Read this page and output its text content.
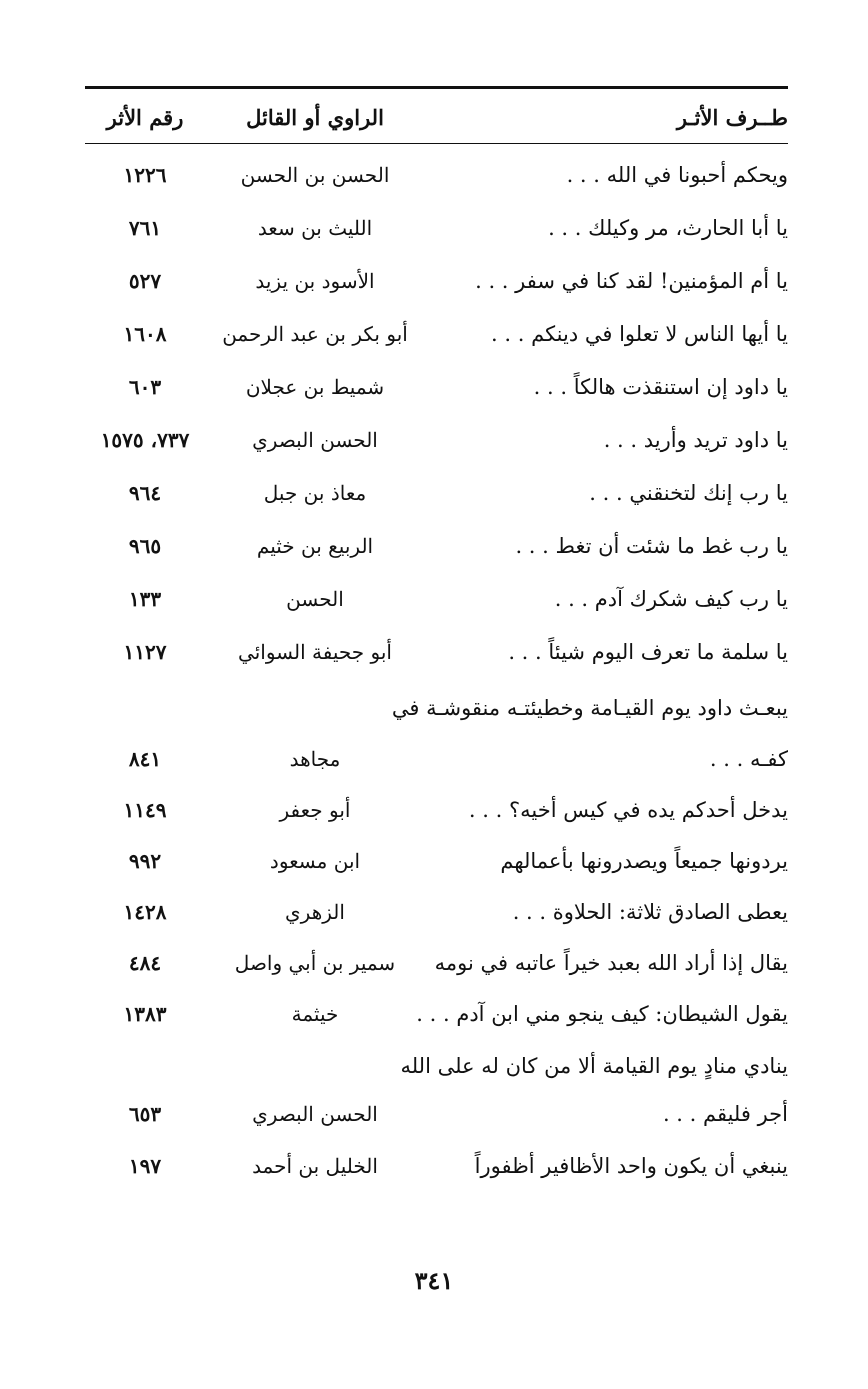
طــرف الأثـر
الراوي أو القائل
رقم الأثر
ويحكم أحبونا في الله . . .
الحسن بن الحسن
١٢٢٦
يا أبا الحارث، مر وكيلك . . .
الليث بن سعد
٧٦١
يا أم المؤمنين! لقد كنا في سفر . . .
الأسود بن يزيد
٥٢٧
يا أيها الناس لا تعلوا في دينكم . . .
أبو بكر بن عبد الرحمن
١٦٠٨
يا داود إن استنقذت هالكاً . . .
شميط بن عجلان
٦٠٣
يا داود تريد وأريد . . .
الحسن البصري
٧٣٧، ١٥٧٥
يا رب إنك لتخنقني . . .
معاذ بن جبل
٩٦٤
يا رب غط ما شئت أن تغط . . .
الربيع بن خثيم
٩٦٥
يا رب كيف شكرك آدم . . .
الحسن
١٣٣
يا سلمة ما تعرف اليوم شيئاً . . .
أبو جحيفة السوائي
١١٢٧
يبعـث داود يوم القيـامة وخطيئتـه منقوشـة في
كفـه . . .
مجاهد
٨٤١
يدخل أحدكم يده في كيس أخيه؟ . . .
أبو جعفر
١١٤٩
يردونها جميعاً ويصدرونها بأعمالهم
ابن مسعود
٩٩٢
يعطى الصادق ثلاثة: الحلاوة . . .
الزهري
١٤٢٨
يقال إذا أراد الله بعبد خيراً عاتبه في نومه
سمير بن أبي واصل
٤٨٤
يقول الشيطان: كيف ينجو مني ابن آدم . . .
خيثمة
١٣٨٣
ينادي منادٍ يوم القيامة ألا من كان له على الله
أجر فليقم . . .
الحسن البصري
٦٥٣
ينبغي أن يكون واحد الأظافير أظفوراً
الخليل بن أحمد
١٩٧
٣٤١
